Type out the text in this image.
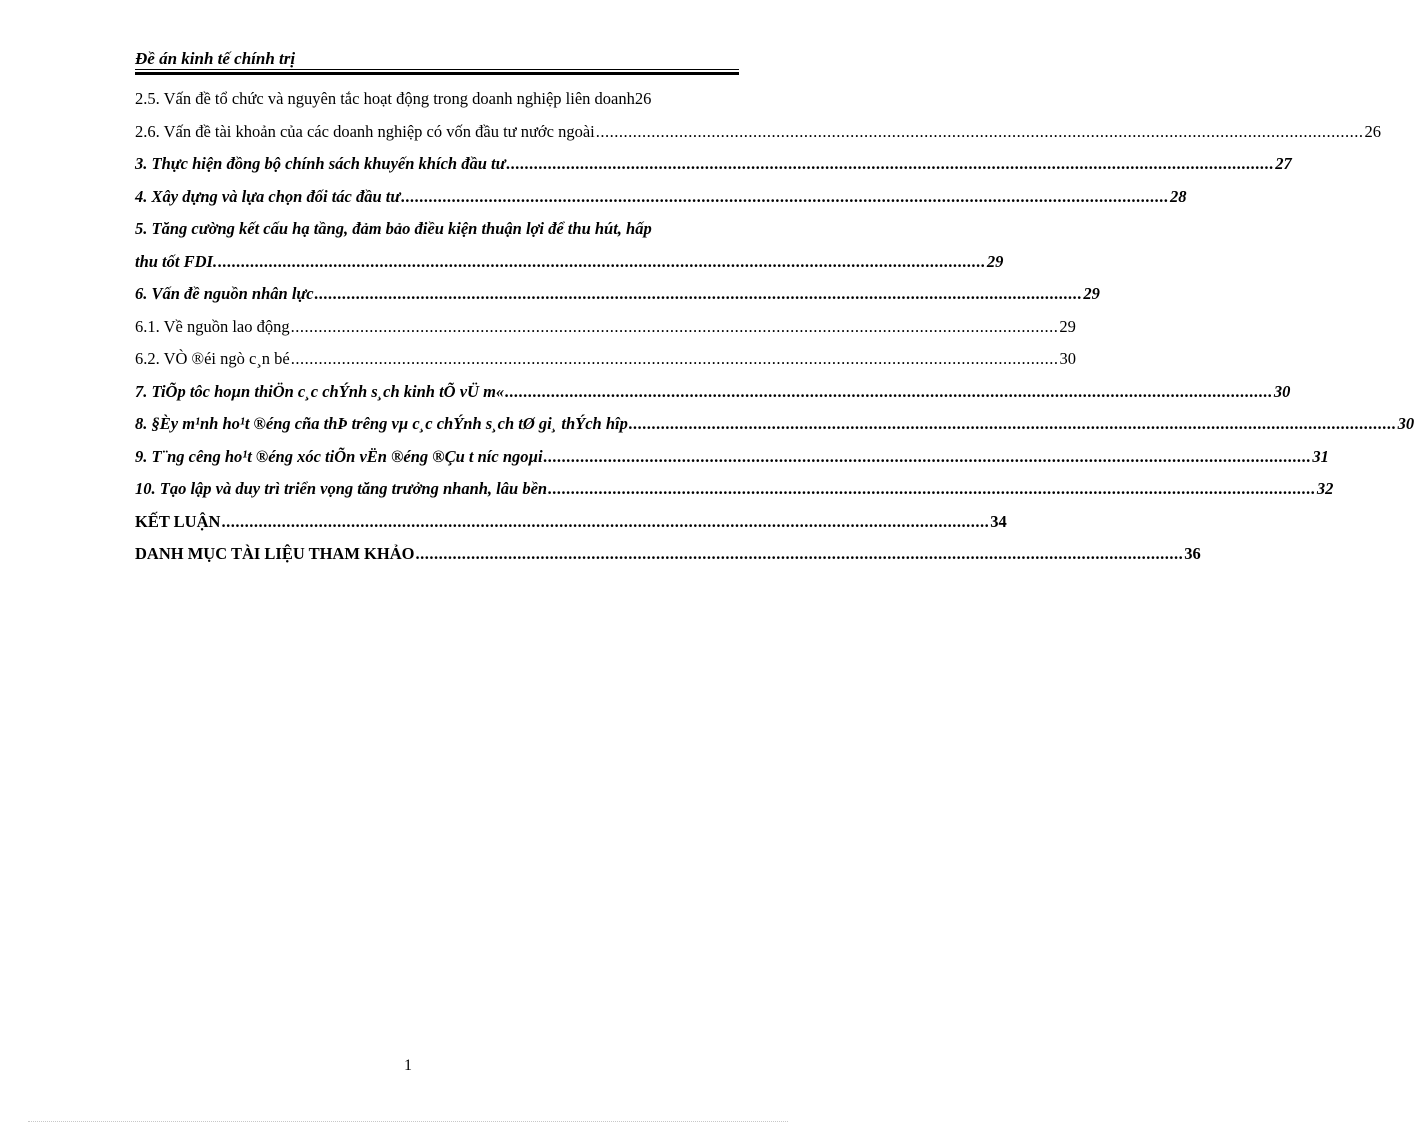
Đề án kinh tế chính trị
2.5. Vấn đề tổ chức và nguyên tắc hoạt động trong doanh nghiệp liên doanh 26
2.6. Vấn đề tài khoản của các doanh nghiệp có vốn đầu tư nước ngoài ...................................................................................................................................................................... 26
3. Thực hiện đồng bộ chính sách khuyến khích đầu tư ...................................................................................................................................................................... 27
4. Xây dựng và lựa chọn đối tác đầu tư ...................................................................................................................................................................... 28
5. Tăng cường kết cấu hạ tầng, đảm bảo điều kiện thuận lợi để thu hút, hấp
thu tốt FDI. ...................................................................................................................................................................... 29
6. Vấn đề nguồn nhân lực ...................................................................................................................................................................... 29
6.1. Về nguồn lao động ...................................................................................................................................................................... 29
6.2. VÒ ®éi ngò c¸n bé ...................................................................................................................................................................... 30
7. TiÕp tôc hoµn thiÖn c¸c chÝnh s¸ch kinh tÕ vÜ m« ...................................................................................................................................................................... 30
8. §Èy m¹nh ho¹t ®éng cña thÞ trêng vµ c¸c chÝnh s¸ch tØ gi¸ thÝch hîp ...................................................................................................................................................................... 30
9. T¨ng cêng ho¹t ®éng xóc tiÕn vËn ®éng ®Çu t níc ngoµi ...................................................................................................................................................................... 31
10. Tạo lập và duy trì triển vọng tăng trưởng nhanh, lâu bền ...................................................................................................................................................................... 32
KẾT LUẬN ...................................................................................................................................................................... 34
DANH MỤC TÀI LIỆU THAM KHẢO ...................................................................................................................................................................... 36
1
